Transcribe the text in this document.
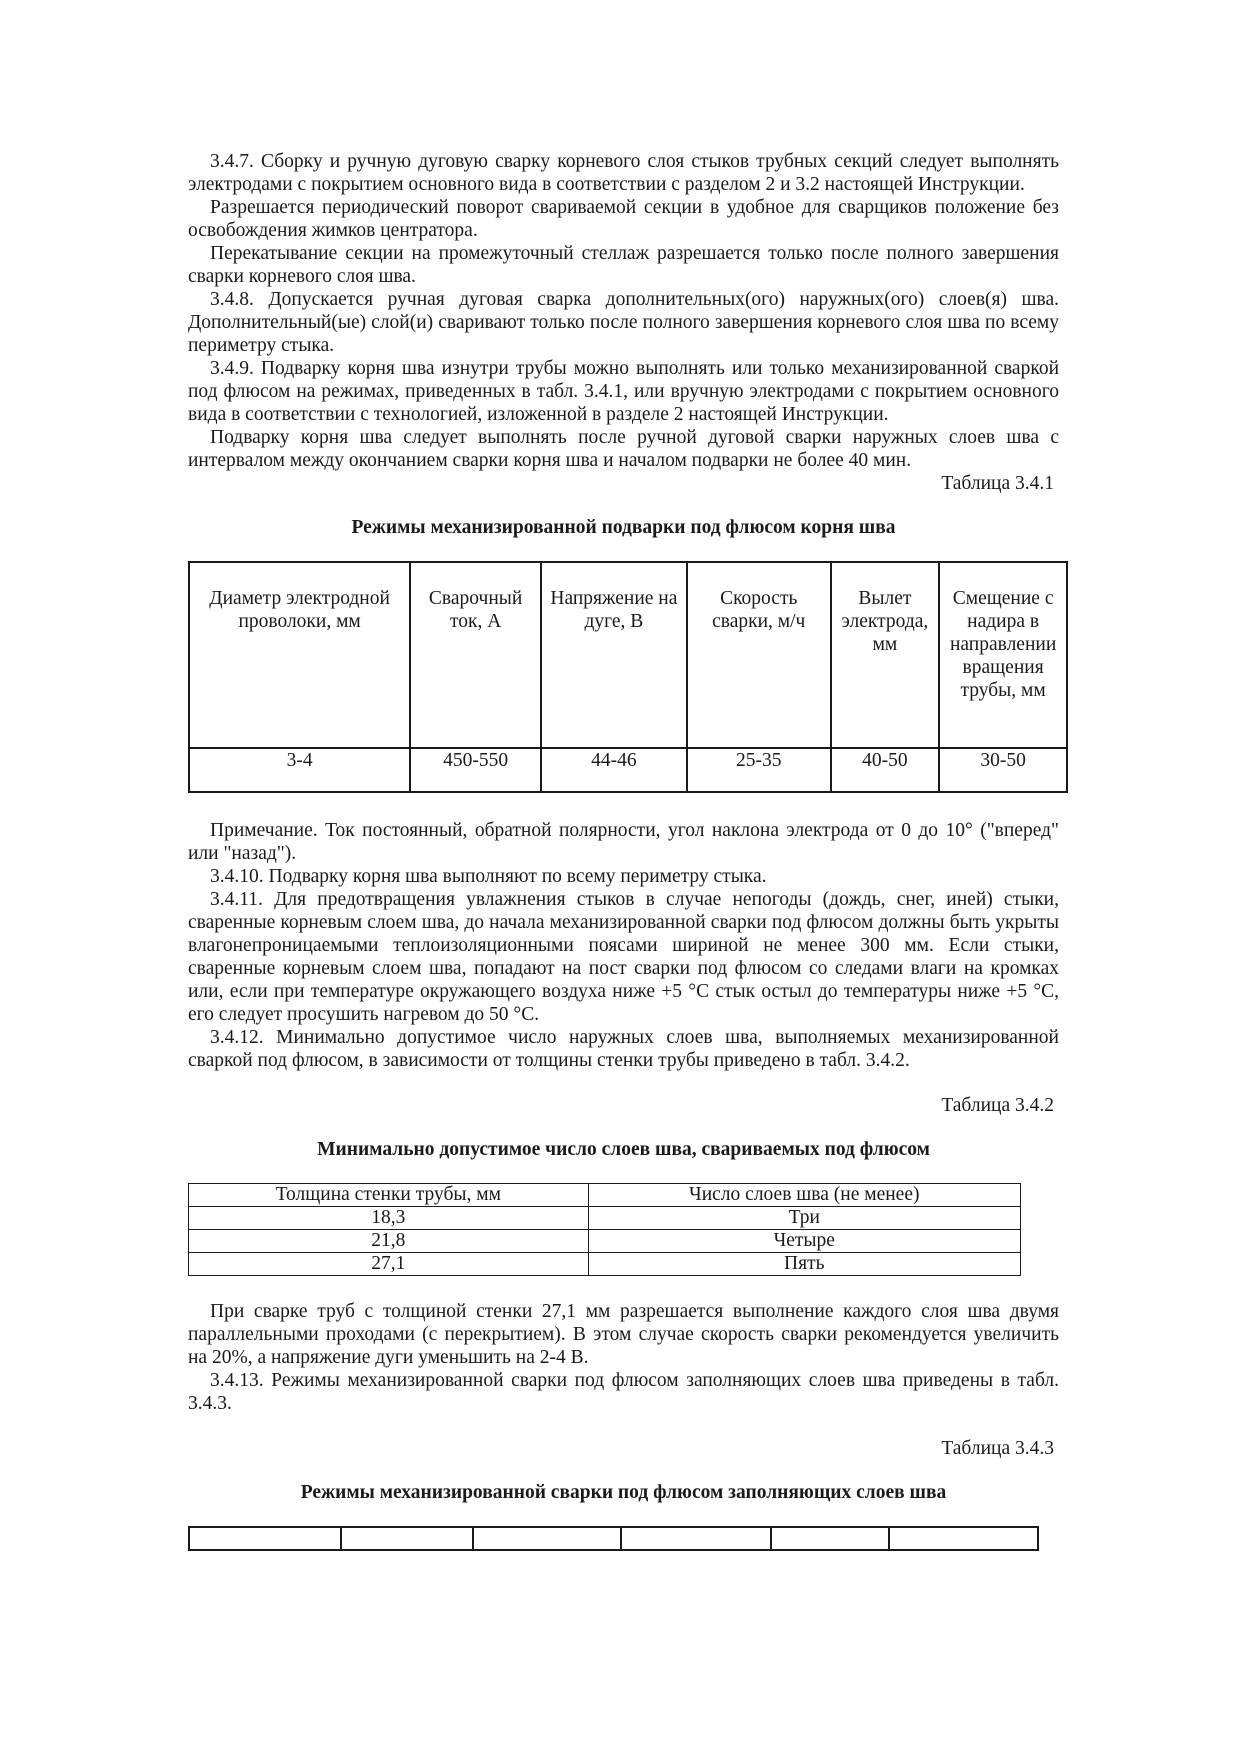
3.4.7. Сборку и ручную дуговую сварку корневого слоя стыков трубных секций следует выполнять электродами с покрытием основного вида в соответствии с разделом 2 и 3.2 настоящей Инструкции.

Разрешается периодический поворот свариваемой секции в удобное для сварщиков положение без освобождения жимков центратора.

Перекатывание секции на промежуточный стеллаж разрешается только после полного завершения сварки корневого слоя шва.

3.4.8. Допускается ручная дуговая сварка дополнительных(ого) наружных(ого) слоев(я) шва. Дополнительный(ые) слой(и) сваривают только после полного завершения корневого слоя шва по всему периметру стыка.

3.4.9. Подварку корня шва изнутри трубы можно выполнять или только механизированной сваркой под флюсом на режимах, приведенных в табл. 3.4.1, или вручную электродами с покрытием основного вида в соответствии с технологией, изложенной в разделе 2 настоящей Инструкции.

Подварку корня шва следует выполнять после ручной дуговой сварки наружных слоев шва с интервалом между окончанием сварки корня шва и началом подварки не более 40 мин.

Таблица 3.4.1

Режимы механизированной подварки под флюсом корня шва

Диаметр электродной проволоки, мм	Сварочный ток, А	Напряжение на дуге, В	Скорость сварки, м/ч	Вылет электрода, мм	Смещение с надира в направлении вращения трубы, мм
3-4	450-550	44-46	25-35	40-50	30-50

Примечание. Ток постоянный, обратной полярности, угол наклона электрода от 0 до 10° ("вперед" или "назад").

3.4.10. Подварку корня шва выполняют по всему периметру стыка.

3.4.11. Для предотвращения увлажнения стыков в случае непогоды (дождь, снег, иней) стыки, сваренные корневым слоем шва, до начала механизированной сварки под флюсом должны быть укрыты влагонепроницаемыми теплоизоляционными поясами шириной не менее 300 мм. Если стыки, сваренные корневым слоем шва, попадают на пост сварки под флюсом со следами влаги на кромках или, если при температуре окружающего воздуха ниже +5 °С стык остыл до температуры ниже +5 °С, его следует просушить нагревом до 50 °С.

3.4.12. Минимально допустимое число наружных слоев шва, выполняемых механизированной сваркой под флюсом, в зависимости от толщины стенки трубы приведено в табл. 3.4.2.

Таблица 3.4.2

Минимально допустимое число слоев шва, свариваемых под флюсом

Толщина стенки трубы, мм	Число слоев шва (не менее)
18,3	Три
21,8	Четыре
27,1	Пять

При сварке труб с толщиной стенки 27,1 мм разрешается выполнение каждого слоя шва двумя параллельными проходами (с перекрытием). В этом случае скорость сварки рекомендуется увеличить на 20%, а напряжение дуги уменьшить на 2-4 В.

3.4.13. Режимы механизированной сварки под флюсом заполняющих слоев шва приведены в табл. 3.4.3.

Таблица 3.4.3

Режимы механизированной сварки под флюсом заполняющих слоев шва
